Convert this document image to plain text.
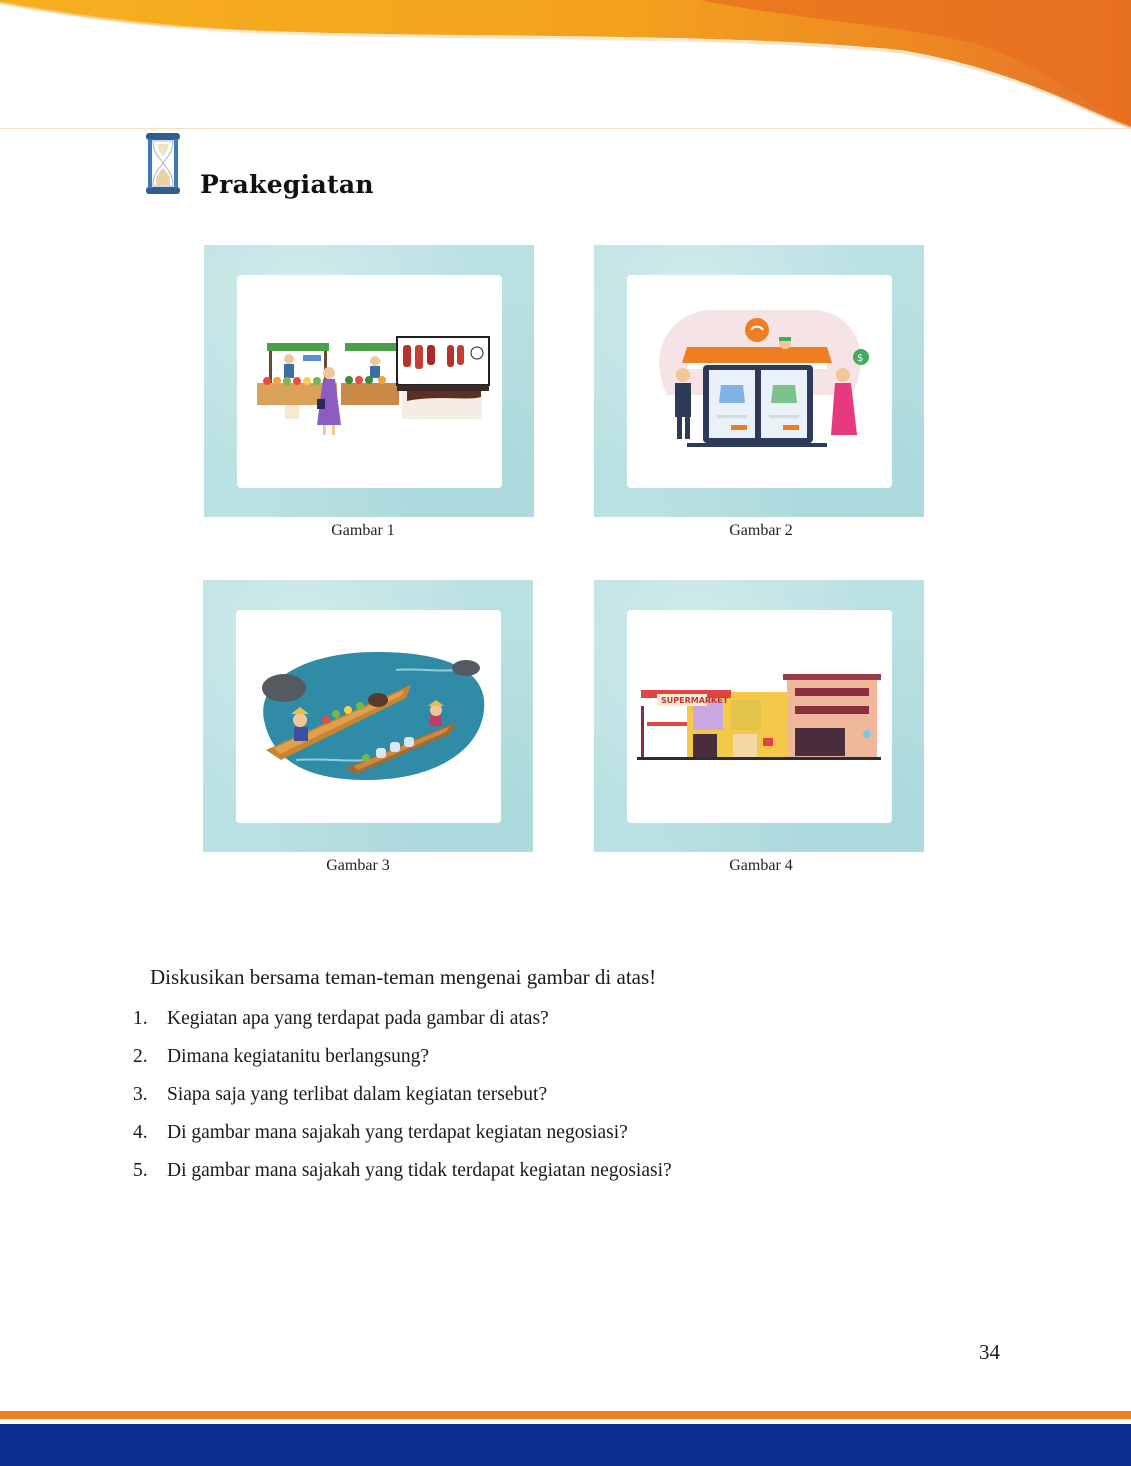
Prakegiatan
Gambar 1
$
Gambar 2
Gambar 3
SUPERMARKET
Gambar 4
Diskusikan bersama teman-teman mengenai gambar di atas!
1. Kegiatan apa yang terdapat pada gambar di atas?
2. Dimana kegiatanitu berlangsung?
3. Siapa saja yang terlibat dalam kegiatan tersebut?
4. Di gambar mana sajakah yang terdapat kegiatan negosiasi?
5. Di gambar mana sajakah yang tidak terdapat kegiatan negosiasi?
34
